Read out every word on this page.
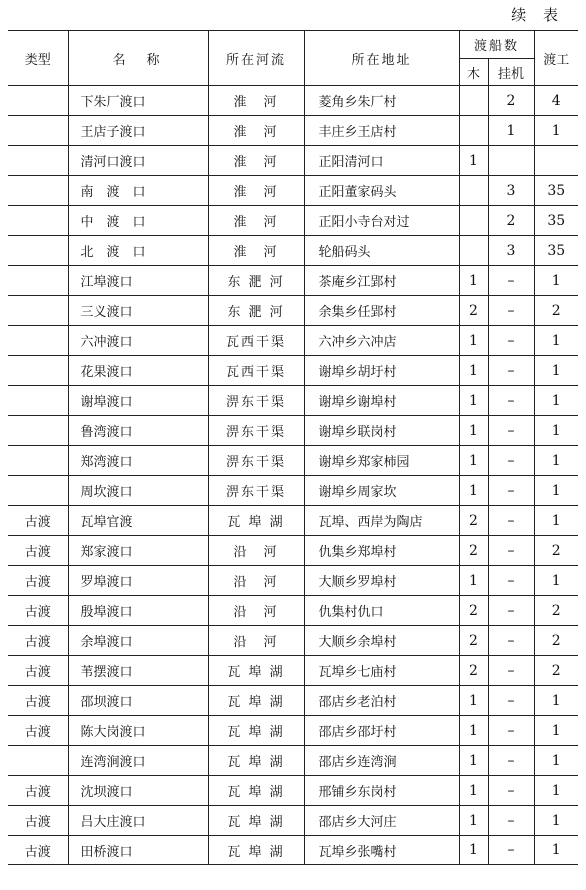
续 表
类型	名　称	所在河流	所在地址	渡船数		渡工
				木	挂机	
	下朱厂渡口	淮　河	菱角乡朱厂村		2	4
	王店子渡口	淮　河	丰庄乡王店村		1	1
	清河口渡口	淮　河	正阳清河口	1		
	南　渡　口	淮　河	正阳董家码头		3	35
	中　渡　口	淮　河	正阳小寺台对过		2	35
	北　渡　口	淮　河	轮船码头		3	35
	江埠渡口	东 淝 河	茶庵乡江郢村	1	–	1
	三义渡口	东 淝 河	余集乡任郢村	2	–	2
	六冲渡口	瓦西干渠	六冲乡六冲店	1	–	1
	花果渡口	瓦西干渠	谢埠乡胡圩村	1	–	1
	谢埠渡口	淠东干渠	谢埠乡谢埠村	1	–	1
	鲁湾渡口	淠东干渠	谢埠乡联岗村	1	–	1
	郑湾渡口	淠东干渠	谢埠乡郑家柿园	1	–	1
	周坎渡口	淠东干渠	谢埠乡周家坎	1	–	1
古渡	瓦埠官渡	瓦 埠 湖	瓦埠、西岸为陶店	2	–	1
古渡	郑家渡口	沿　河	仇集乡郑埠村	2	–	2
古渡	罗埠渡口	沿　河	大顺乡罗埠村	1	–	1
古渡	殷埠渡口	沿　河	仇集村仇口	2	–	2
古渡	余埠渡口	沿　河	大顺乡余埠村	2	–	2
古渡	苇摆渡口	瓦 埠 湖	瓦埠乡七庙村	2	–	2
古渡	邵坝渡口	瓦 埠 湖	邵店乡老泊村	1	–	1
古渡	陈大岗渡口	瓦 埠 湖	邵店乡邵圩村	1	–	1
	连湾涧渡口	瓦 埠 湖	邵店乡连湾涧	1	–	1
古渡	沈坝渡口	瓦 埠 湖	邢铺乡东岗村	1	–	1
古渡	吕大庄渡口	瓦 埠 湖	邵店乡大河庄	1	–	1
古渡	田桥渡口	瓦 埠 湖	瓦埠乡张嘴村	1	–	1
